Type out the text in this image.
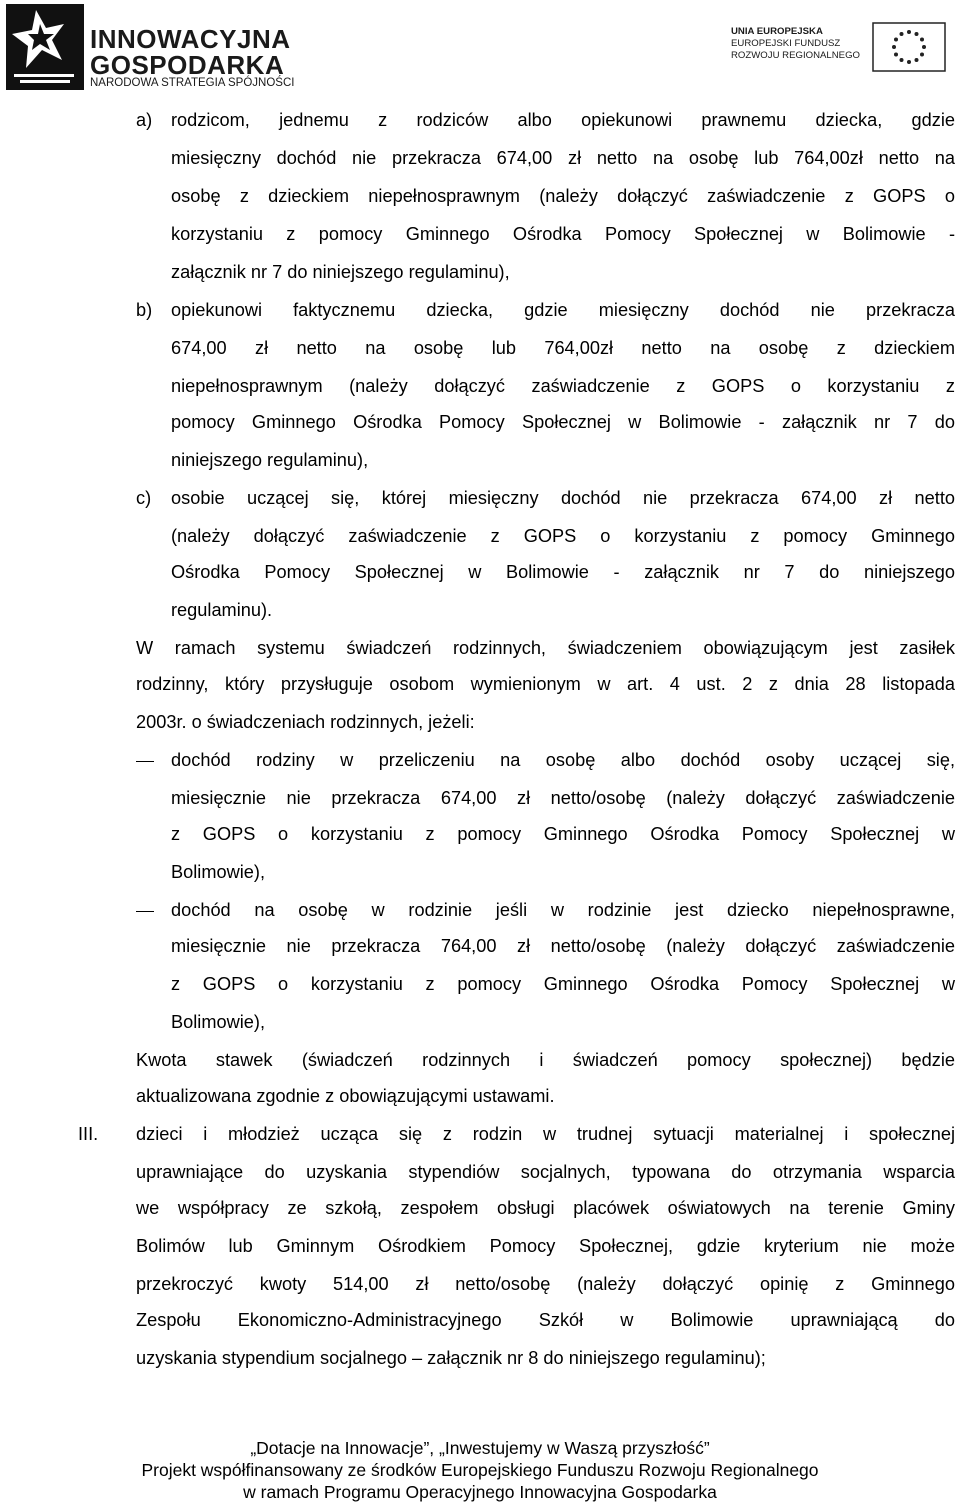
INNOWACYJNA
GOSPODARKA
NARODOWA STRATEGIA SPÓJNOŚCI
UNIA EUROPEJSKA
EUROPEJSKI FUNDUSZ
ROZWOJU REGIONALNEGO
a) rodzicom, jednemu z rodziców albo opiekunowi prawnemu dziecka, gdzie
miesięczny dochód nie przekracza 674,00 zł netto na osobę lub 764,00zł netto na
osobę z dzieckiem niepełnosprawnym (należy dołączyć zaświadczenie z GOPS o
korzystaniu z pomocy Gminnego Ośrodka Pomocy Społecznej w Bolimowie -
załącznik nr 7 do niniejszego regulaminu),
b) opiekunowi faktycznemu dziecka, gdzie miesięczny dochód nie przekracza
674,00 zł netto na osobę lub 764,00zł netto na osobę z dzieckiem
niepełnosprawnym (należy dołączyć zaświadczenie z GOPS o korzystaniu z
pomocy Gminnego Ośrodka Pomocy Społecznej w Bolimowie - załącznik nr 7 do
niniejszego regulaminu),
c) osobie uczącej się, której miesięczny dochód nie przekracza 674,00 zł netto
(należy dołączyć zaświadczenie z GOPS o korzystaniu z pomocy Gminnego
Ośrodka Pomocy Społecznej w Bolimowie - załącznik nr 7 do niniejszego
regulaminu).
W ramach systemu świadczeń rodzinnych, świadczeniem obowiązującym jest zasiłek
rodzinny, który przysługuje osobom wymienionym w art. 4 ust. 2 z dnia 28 listopada
2003r. o świadczeniach rodzinnych, jeżeli:
dochód rodziny w przeliczeniu na osobę albo dochód osoby uczącej się,
miesięcznie nie przekracza 674,00 zł netto/osobę (należy dołączyć zaświadczenie
z GOPS o korzystaniu z pomocy Gminnego Ośrodka Pomocy Społecznej w
Bolimowie),
dochód na osobę w rodzinie jeśli w rodzinie jest dziecko niepełnosprawne,
miesięcznie nie przekracza 764,00 zł netto/osobę (należy dołączyć zaświadczenie
z GOPS o korzystaniu z pomocy Gminnego Ośrodka Pomocy Społecznej w
Bolimowie),
Kwota stawek (świadczeń rodzinnych i świadczeń pomocy społecznej) będzie
aktualizowana zgodnie z obowiązującymi ustawami.
III. dzieci i młodzież ucząca się z rodzin w trudnej sytuacji materialnej i społecznej
uprawniające do uzyskania stypendiów socjalnych, typowana do otrzymania wsparcia
we współpracy ze szkołą, zespołem obsługi placówek oświatowych na terenie Gminy
Bolimów lub Gminnym Ośrodkiem Pomocy Społecznej, gdzie kryterium nie może
przekroczyć kwoty 514,00 zł netto/osobę (należy dołączyć opinię z Gminnego
Zespołu Ekonomiczno-Administracyjnego Szkół w Bolimowie uprawniającą do
uzyskania stypendium socjalnego – załącznik nr 8 do niniejszego regulaminu);
„Dotacje na Innowacje”, „Inwestujemy w Waszą przyszłość”
Projekt współfinansowany ze środków Europejskiego Funduszu Rozwoju Regionalnego
w ramach Programu Operacyjnego Innowacyjna Gospodarka
